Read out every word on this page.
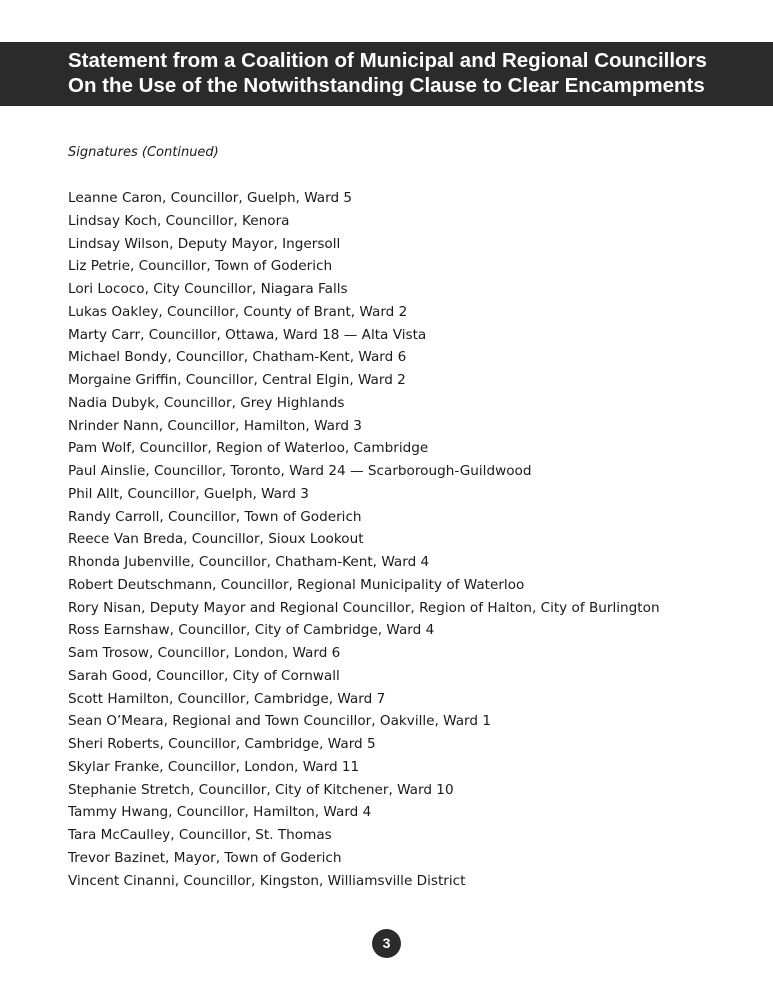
Statement from a Coalition of Municipal and Regional Councillors
On the Use of the Notwithstanding Clause to Clear Encampments

Signatures (Continued)

Leanne Caron, Councillor, Guelph, Ward 5
Lindsay Koch, Councillor, Kenora
Lindsay Wilson, Deputy Mayor, Ingersoll
Liz Petrie, Councillor, Town of Goderich
Lori Lococo, City Councillor, Niagara Falls
Lukas Oakley, Councillor, County of Brant, Ward 2
Marty Carr, Councillor, Ottawa, Ward 18 — Alta Vista
Michael Bondy, Councillor, Chatham-Kent, Ward 6
Morgaine Griffin, Councillor, Central Elgin, Ward 2
Nadia Dubyk, Councillor, Grey Highlands
Nrinder Nann, Councillor, Hamilton, Ward 3
Pam Wolf, Councillor, Region of Waterloo, Cambridge
Paul Ainslie, Councillor, Toronto, Ward 24 — Scarborough-Guildwood
Phil Allt, Councillor, Guelph, Ward 3
Randy Carroll, Councillor, Town of Goderich
Reece Van Breda, Councillor, Sioux Lookout
Rhonda Jubenville, Councillor, Chatham-Kent, Ward 4
Robert Deutschmann, Councillor, Regional Municipality of Waterloo
Rory Nisan, Deputy Mayor and Regional Councillor, Region of Halton, City of Burlington
Ross Earnshaw, Councillor, City of Cambridge, Ward 4
Sam Trosow, Councillor, London, Ward 6
Sarah Good, Councillor, City of Cornwall
Scott Hamilton, Councillor, Cambridge, Ward 7
Sean O’Meara, Regional and Town Councillor, Oakville, Ward 1
Sheri Roberts, Councillor, Cambridge, Ward 5
Skylar Franke, Councillor, London, Ward 11
Stephanie Stretch, Councillor, City of Kitchener, Ward 10
Tammy Hwang, Councillor, Hamilton, Ward 4
Tara McCaulley, Councillor, St. Thomas
Trevor Bazinet, Mayor, Town of Goderich
Vincent Cinanni, Councillor, Kingston, Williamsville District
3
